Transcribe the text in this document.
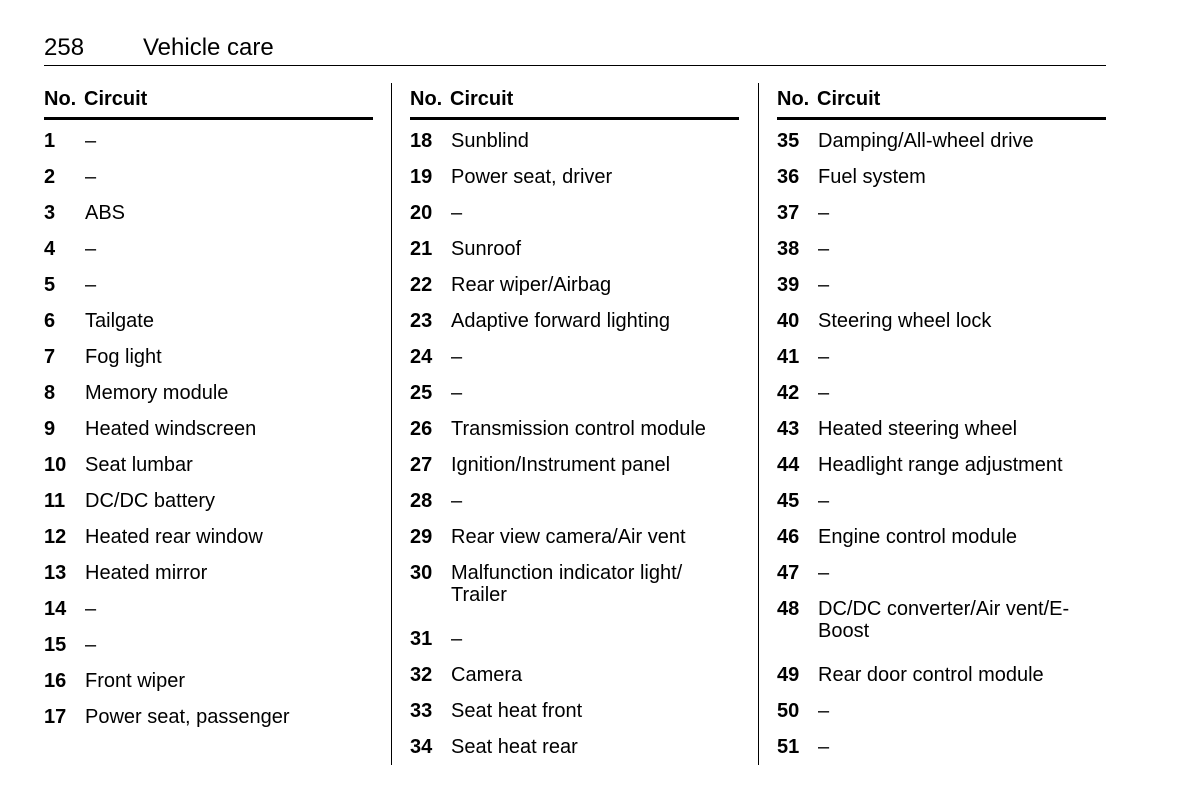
258 Vehicle care
No. Circuit
1 –
2 –
3 ABS
4 –
5 –
6 Tailgate
7 Fog light
8 Memory module
9 Heated windscreen
10 Seat lumbar
11 DC/DC battery
12 Heated rear window
13 Heated mirror
14 –
15 –
16 Front wiper
17 Power seat, passenger
No. Circuit
18 Sunblind
19 Power seat, driver
20 –
21 Sunroof
22 Rear wiper/Airbag
23 Adaptive forward lighting
24 –
25 –
26 Transmission control module
27 Ignition/Instrument panel
28 –
29 Rear view camera/Air vent
30 Malfunction indicator light/ Trailer
31 –
32 Camera
33 Seat heat front
34 Seat heat rear
No. Circuit
35 Damping/All-wheel drive
36 Fuel system
37 –
38 –
39 –
40 Steering wheel lock
41 –
42 –
43 Heated steering wheel
44 Headlight range adjustment
45 –
46 Engine control module
47 –
48 DC/DC converter/Air vent/E-Boost
49 Rear door control module
50 –
51 –
